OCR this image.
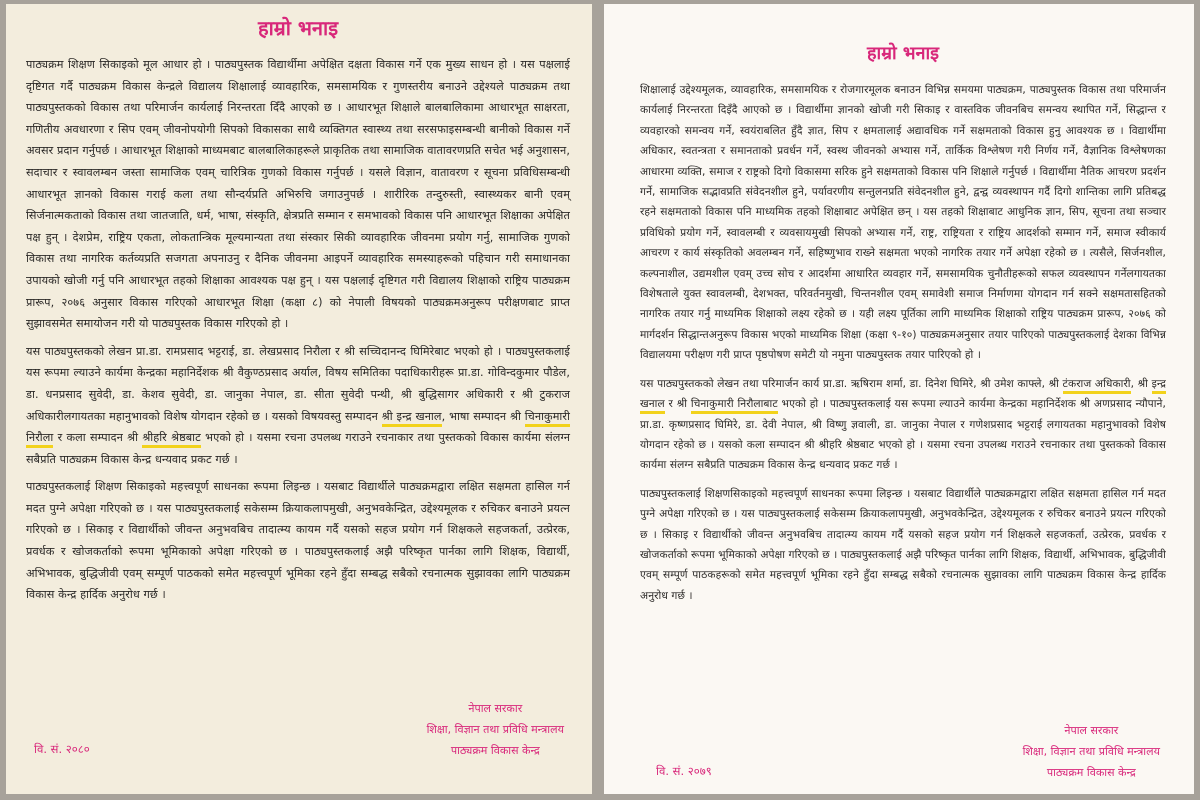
हाम्रो भनाइ

पाठ्यक्रम शिक्षण सिकाइको मूल आधार हो । पाठ्यपुस्तक विद्यार्थीमा अपेक्षित दक्षता विकास गर्ने एक मुख्य साधन हो । यस पक्षलाई दृष्टिगत गर्दै पाठ्यक्रम विकास केन्द्रले विद्यालय शिक्षालाई व्यावहारिक, समसामयिक र गुणस्तरीय बनाउने उद्देश्यले पाठ्यक्रम तथा पाठ्यपुस्तकको विकास तथा परिमार्जन कार्यलाई निरन्तरता दिँदै आएको छ । आधारभूत शिक्षाले बालबालिकामा आधारभूत साक्षरता, गणितीय अवधारणा र सिप एवम् जीवनोपयोगी सिपको विकासका साथै व्यक्तिगत स्वास्थ्य तथा सरसफाइसम्बन्धी बानीको विकास गर्ने अवसर प्रदान गर्नुपर्छ । आधारभूत शिक्षाको माध्यमबाट बालबालिकाहरूले प्राकृतिक तथा सामाजिक वातावरणप्रति सचेत भई अनुशासन, सदाचार र स्वावलम्बन जस्ता सामाजिक एवम् चारित्रिक गुणको विकास गर्नुपर्छ । यसले विज्ञान, वातावरण र सूचना प्रविधिसम्बन्धी आधारभूत ज्ञानको विकास गराई कला तथा सौन्दर्यप्रति अभिरुचि जगाउनुपर्छ । शारीरिक तन्दुरुस्ती, स्वास्थ्यकर बानी एवम् सिर्जनात्मकताको विकास तथा जातजाति, धर्म, भाषा, संस्कृति, क्षेत्रप्रति सम्मान र समभावको विकास पनि आधारभूत शिक्षाका अपेक्षित पक्ष हुन् । देशप्रेम, राष्ट्रिय एकता, लोकतान्त्रिक मूल्यमान्यता तथा संस्कार सिकी व्यावहारिक जीवनमा प्रयोग गर्नु, सामाजिक गुणको विकास तथा नागरिक कर्तव्यप्रति सजगता अपनाउनु र दैनिक जीवनमा आइपर्ने व्यावहारिक समस्याहरूको पहिचान गरी समाधानका उपायको खोजी गर्नु पनि आधारभूत तहको शिक्षाका आवश्यक पक्ष हुन् । यस पक्षलाई दृष्टिगत गरी विद्यालय शिक्षाको राष्ट्रिय पाठ्यक्रम प्रारूप, २०७६ अनुसार विकास गरिएको आधारभूत शिक्षा (कक्षा ८) को नेपाली विषयको पाठ्यक्रमअनुरूप परीक्षणबाट प्राप्त सुझावसमेत समायोजन गरी यो पाठ्यपुस्तक विकास गरिएको हो ।

यस पाठ्यपुस्तकको लेखन प्रा.डा. रामप्रसाद भट्टराई, डा. लेखप्रसाद निरौला र श्री सच्चिदानन्द घिमिरेबाट भएको हो । पाठ्यपुस्तकलाई यस रूपमा ल्याउने कार्यमा केन्द्रका महानिर्देशक श्री वैकुण्ठप्रसाद अर्याल, विषय समितिका पदाधिकारीहरू प्रा.डा. गोविन्दकुमार पौडेल, डा. धनप्रसाद सुवेदी, डा. केशव सुवेदी, डा. जानुका नेपाल, डा. सीता सुवेदी पन्थी, श्री बुद्धिसागर अधिकारी र श्री टुकराज अधिकारीलगायतका महानुभावको विशेष योगदान रहेको छ । यसको विषयवस्तु सम्पादन श्री इन्द्र खनाल, भाषा सम्पादन श्री चिनाकुमारी निरौला र कला सम्पादन श्री श्रीहरि श्रेष्ठबाट भएको हो । यसमा रचना उपलब्ध गराउने रचनाकार तथा पुस्तकको विकास कार्यमा संलग्न सबैप्रति पाठ्यक्रम विकास केन्द्र धन्यवाद प्रकट गर्छ ।

पाठ्यपुस्तकलाई शिक्षण सिकाइको महत्त्वपूर्ण साधनका रूपमा लिइन्छ । यसबाट विद्यार्थीले पाठ्यक्रमद्वारा लक्षित सक्षमता हासिल गर्न मदत पुग्ने अपेक्षा गरिएको छ । यस पाठ्यपुस्तकलाई सकेसम्म क्रियाकलापमुखी, अनुभवकेन्द्रित, उद्देश्यमूलक र रुचिकर बनाउने प्रयत्न गरिएको छ । सिकाइ र विद्यार्थीको जीवन्त अनुभवबिच तादात्म्य कायम गर्दै यसको सहज प्रयोग गर्न शिक्षकले सहजकर्ता, उत्प्रेरक, प्रवर्धक र खोजकर्ताको रूपमा भूमिकाको अपेक्षा गरिएको छ । पाठ्यपुस्तकलाई अझै परिष्कृत पार्नका लागि शिक्षक, विद्यार्थी, अभिभावक, बुद्धिजीवी एवम् सम्पूर्ण पाठकको समेत महत्त्वपूर्ण भूमिका रहने हुँदा सम्बद्ध सबैको रचनात्मक सुझावका लागि पाठ्यक्रम विकास केन्द्र हार्दिक अनुरोध गर्छ ।

नेपाल सरकार
शिक्षा, विज्ञान तथा प्रविधि मन्त्रालय
पाठ्यक्रम विकास केन्द्र
वि. सं. २०८०
हाम्रो भनाइ

शिक्षालाई उद्देश्यमूलक, व्यावहारिक, समसामयिक र रोजगारमूलक बनाउन विभिन्न समयमा पाठ्यक्रम, पाठ्यपुस्तक विकास तथा परिमार्जन कार्यलाई निरन्तरता दिइँदै आएको छ । विद्यार्थीमा ज्ञानको खोजी गरी सिकाइ र वास्तविक जीवनबिच समन्वय स्थापित गर्ने, सिद्धान्त र व्यवहारको समन्वय गर्ने, स्वयंराबलित हुँदै ज्ञात, सिप र क्षमतालाई अद्यावधिक गर्ने सक्षमताको विकास हुनु आवश्यक छ । विद्यार्थीमा अधिकार, स्वतन्त्रता र समानताको प्रवर्धन गर्ने, स्वस्थ जीवनको अभ्यास गर्ने, तार्किक विश्लेषण गरी निर्णय गर्ने, वैज्ञानिक विश्लेषणका आधारमा व्यक्ति, समाज र राष्ट्रको दिगो विकासमा सरिक हुने सक्षमताको विकास पनि शिक्षाले गर्नुपर्छ । विद्यार्थीमा नैतिक आचरण प्रदर्शन गर्ने, सामाजिक सद्भावप्रति संवेदनशील हुने, पर्यावरणीय सन्तुलनप्रति संवेदनशील हुने, द्वन्द्व व्यवस्थापन गर्दै दिगो शान्तिका लागि प्रतिबद्ध रहने सक्षमताको विकास पनि माध्यमिक तहको शिक्षाबाट अपेक्षित छन् । यस तहको शिक्षाबाट आधुनिक ज्ञान, सिप, सूचना तथा सञ्चार प्रविधिको प्रयोग गर्ने, स्वावलम्बी र व्यवसायमुखी सिपको अभ्यास गर्ने, राष्ट्र, राष्ट्रियता र राष्ट्रिय आदर्शको सम्मान गर्ने, समाज स्वीकार्य आचरण र कार्य संस्कृतिको अवलम्बन गर्ने, सहिष्णुभाव राख्ने सक्षमता भएको नागरिक तयार गर्ने अपेक्षा रहेको छ । त्यसैले, सिर्जनशील, कल्पनाशील, उद्यमशील एवम् उच्च सोच र आदर्शमा आधारित व्यवहार गर्ने, समसामयिक चुनौतीहरूको सफल व्यवस्थापन गर्नेलगायतका विशेषताले युक्त स्वावलम्बी, देशभक्त, परिवर्तनमुखी, चिन्तनशील एवम् समावेशी समाज निर्माणमा योगदान गर्न सक्ने सक्षमतासहितको नागरिक तयार गर्नु माध्यमिक शिक्षाको लक्ष्य रहेको छ । यही लक्ष्य पूर्तिका लागि माध्यमिक शिक्षाको राष्ट्रिय पाठ्यक्रम प्रारूप, २०७६ को मार्गदर्शन सिद्धान्तअनुरूप विकास भएको माध्यमिक शिक्षा (कक्षा ९-१०) पाठ्यक्रमअनुसार तयार पारिएको पाठ्यपुस्तकलाई देशका विभिन्न विद्यालयमा परीक्षण गरी प्राप्त पृष्ठपोषण समेटी यो नमुना पाठ्यपुस्तक तयार पारिएको हो ।

यस पाठ्यपुस्तकको लेखन तथा परिमार्जन कार्य प्रा.डा. ऋषिराम शर्मा, डा. दिनेश घिमिरे, श्री उमेश काफ्ले, श्री टंकराज अधिकारी, श्री इन्द्र खनाल र श्री चिनाकुमारी निरौलाबाट भएको हो । पाठ्यपुस्तकलाई यस रूपमा ल्याउने कार्यमा केन्द्रका महानिर्देशक श्री अणप्रसाद न्यौपाने, प्रा.डा. कृष्णप्रसाद घिमिरे, डा. देवी नेपाल, श्री विष्णु ज्ञवाली, डा. जानुका नेपाल र गणेशप्रसाद भट्टराई लगायतका महानुभावको विशेष योगदान रहेको छ । यसको कला सम्पादन श्री श्रीहरि श्रेष्ठबाट भएको हो । यसमा रचना उपलब्ध गराउने रचनाकार तथा पुस्तकको विकास कार्यमा संलग्न सबैप्रति पाठ्यक्रम विकास केन्द्र धन्यवाद प्रकट गर्छ ।

पाठ्यपुस्तकलाई शिक्षणसिकाइको महत्त्वपूर्ण साधनका रूपमा लिइन्छ । यसबाट विद्यार्थीले पाठ्यक्रमद्वारा लक्षित सक्षमता हासिल गर्न मदत पुग्ने अपेक्षा गरिएको छ । यस पाठ्यपुस्तकलाई सकेसम्म क्रियाकलापमुखी, अनुभवकेन्द्रित, उद्देश्यमूलक र रुचिकर बनाउने प्रयत्न गरिएको छ । सिकाइ र विद्यार्थीको जीवन्त अनुभवबिच तादात्म्य कायम गर्दै यसको सहज प्रयोग गर्न शिक्षकले सहजकर्ता, उत्प्रेरक, प्रवर्धक र खोजकर्ताको रूपमा भूमिकाको अपेक्षा गरिएको छ । पाठ्यपुस्तकलाई अझै परिष्कृत पार्नका लागि शिक्षक, विद्यार्थी, अभिभावक, बुद्धिजीवी एवम् सम्पूर्ण पाठकहरूको समेत महत्त्वपूर्ण भूमिका रहने हुँदा सम्बद्ध सबैको रचनात्मक सुझावका लागि पाठ्यक्रम विकास केन्द्र हार्दिक अनुरोध गर्छ ।

नेपाल सरकार
शिक्षा, विज्ञान तथा प्रविधि मन्त्रालय
पाठ्यक्रम विकास केन्द्र
वि. सं. २०७९
